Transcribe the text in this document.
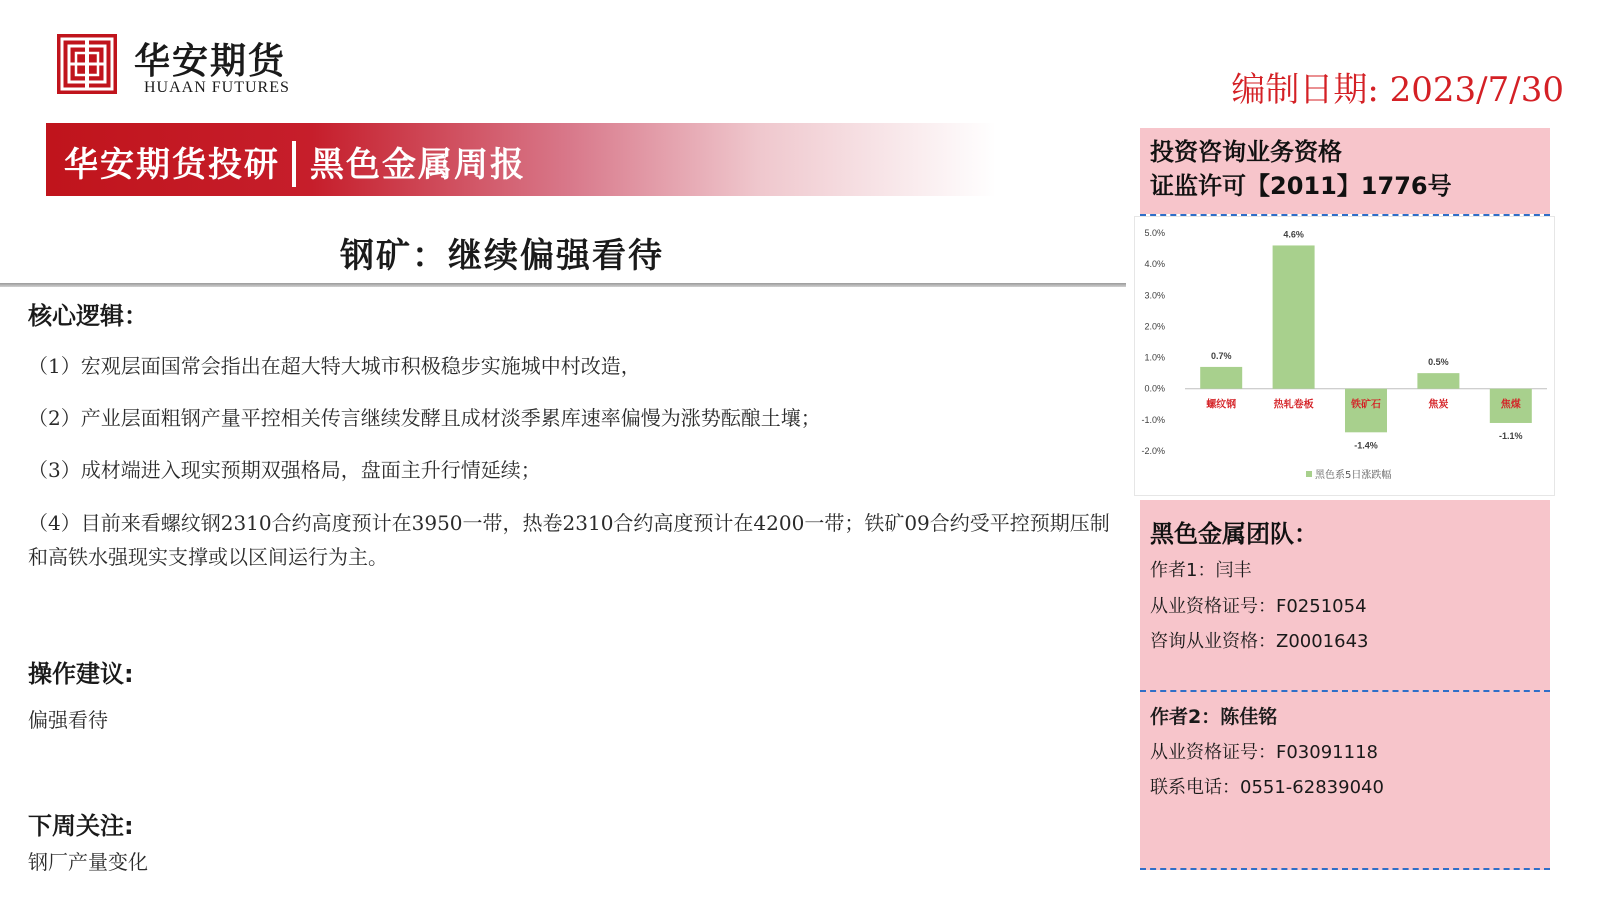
华安期货
HUAAN FUTURES	编制日期: 2023/7/30
华安期货投研 黑色金属周报
钢矿：继续偏强看待
核心逻辑：
（1）宏观层面国常会指出在超大特大城市积极稳步实施城中村改造，
（2）产业层面粗钢产量平控相关传言继续发酵且成材淡季累库速率偏慢为涨势酝酿土壤；
（3）成材端进入现实预期双强格局，盘面主升行情延续；
（4）目前来看螺纹钢2310合约高度预计在3950一带，热卷2310合约高度预计在4200一带；铁矿09合约受平控预期压制和高铁水强现实支撑或以区间运行为主。
操作建议:
偏强看待
下周关注:
钢厂产量变化
投资咨询业务资格
证监许可【2011】1776号
-2.0%
-1.0%
0.0%
1.0%
2.0%
3.0%
4.0%
5.0%
0.7%
螺纹钢
4.6%
热轧卷板
-1.4%
铁矿石
0.5%
焦炭
-1.1%
焦煤
黑色系5日涨跌幅
黑色金属团队：
作者1：闫丰
从业资格证号：F0251054
咨询从业资格：Z0001643
作者2：陈佳铭
从业资格证号：F03091118
联系电话：0551-62839040
